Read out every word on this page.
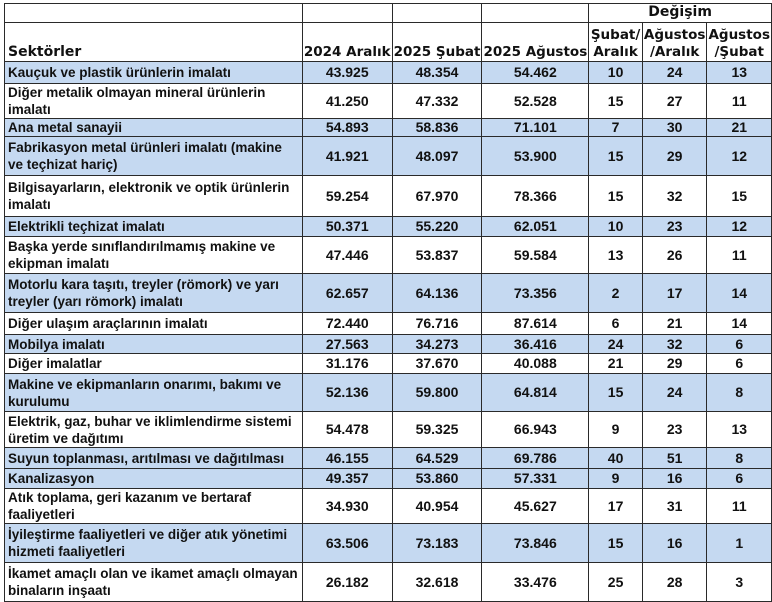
				Değişim		
Sektörler	2024 Aralık	2025 Şubat	2025 Ağustos	Şubat/ Aralık	Ağustos /Aralık	Ağustos /Şubat
Kauçuk ve plastik ürünlerin imalatı	43.925	48.354	54.462	10	24	13
Diğer metalik olmayan mineral ürünlerin imalatı	41.250	47.332	52.528	15	27	11
Ana metal sanayii	54.893	58.836	71.101	7	30	21
Fabrikasyon metal ürünleri imalatı (makine ve teçhizat hariç)	41.921	48.097	53.900	15	29	12
Bilgisayarların, elektronik ve optik ürünlerin imalatı	59.254	67.970	78.366	15	32	15
Elektrikli teçhizat imalatı	50.371	55.220	62.051	10	23	12
Başka yerde sınıflandırılmamış makine ve ekipman imalatı	47.446	53.837	59.584	13	26	11
Motorlu kara taşıtı, treyler (römork) ve yarı treyler (yarı römork) imalatı	62.657	64.136	73.356	2	17	14
Diğer ulaşım araçlarının imalatı	72.440	76.716	87.614	6	21	14
Mobilya imalatı	27.563	34.273	36.416	24	32	6
Diğer imalatlar	31.176	37.670	40.088	21	29	6
Makine ve ekipmanların onarımı, bakımı ve kurulumu	52.136	59.800	64.814	15	24	8
Elektrik, gaz, buhar ve iklimlendirme sistemi üretim ve dağıtımı	54.478	59.325	66.943	9	23	13
Suyun toplanması, arıtılması ve dağıtılması	46.155	64.529	69.786	40	51	8
Kanalizasyon	49.357	53.860	57.331	9	16	6
Atık toplama, geri kazanım ve bertaraf faaliyetleri	34.930	40.954	45.627	17	31	11
İyileştirme faaliyetleri ve diğer atık yönetimi hizmeti faaliyetleri	63.506	73.183	73.846	15	16	1
İkamet amaçlı olan ve ikamet amaçlı olmayan binaların inşaatı	26.182	32.618	33.476	25	28	3
